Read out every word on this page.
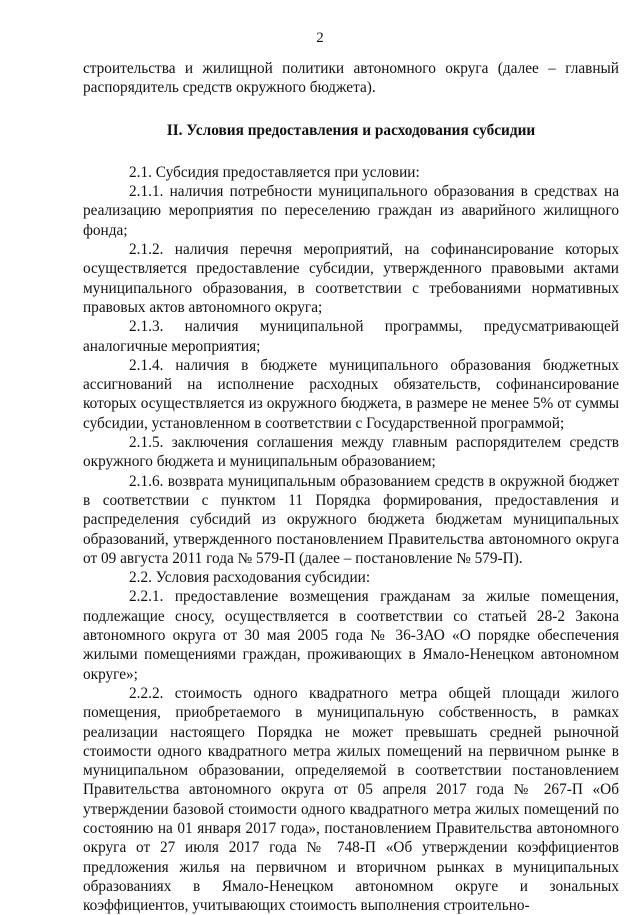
2

строительства и жилищной политики автономного округа (далее – главный распорядитель средств окружного бюджета).

II. Условия предоставления и расходования субсидии

2.1. Субсидия предоставляется при условии:

2.1.1. наличия потребности муниципального образования в средствах на реализацию мероприятия по переселению граждан из аварийного жилищного фонда;

2.1.2. наличия перечня мероприятий, на софинансирование которых осуществляется предоставление субсидии, утвержденного правовыми актами муниципального образования, в соответствии с требованиями нормативных правовых актов автономного округа;

2.1.3. наличия муниципальной программы, предусматривающей аналогичные мероприятия;

2.1.4. наличия в бюджете муниципального образования бюджетных ассигнований на исполнение расходных обязательств, софинансирование которых осуществляется из окружного бюджета, в размере не менее 5% от суммы субсидии, установленном в соответствии с Государственной программой;

2.1.5. заключения соглашения между главным распорядителем средств окружного бюджета и муниципальным образованием;

2.1.6. возврата муниципальным образованием средств в окружной бюджет в соответствии с пунктом 11 Порядка формирования, предоставления и распределения субсидий из окружного бюджета бюджетам муниципальных образований, утвержденного постановлением Правительства автономного округа от 09 августа 2011 года № 579-П (далее – постановление № 579-П).

2.2. Условия расходования субсидии:

2.2.1. предоставление возмещения гражданам за жилые помещения, подлежащие сносу, осуществляется в соответствии со статьей 28-2 Закона автономного округа от 30 мая 2005 года № 36-ЗАО «О порядке обеспечения жилыми помещениями граждан, проживающих в Ямало-Ненецком автономном округе»;

2.2.2. стоимость одного квадратного метра общей площади жилого помещения, приобретаемого в муниципальную собственность, в рамках реализации настоящего Порядка не может превышать средней рыночной стоимости одного квадратного метра жилых помещений на первичном рынке в муниципальном образовании, определяемой в соответствии постановлением Правительства автономного округа от 05 апреля 2017 года № 267-П «Об утверждении базовой стоимости одного квадратного метра жилых помещений по состоянию на 01 января 2017 года», постановлением Правительства автономного округа от 27 июля 2017 года № 748-П «Об утверждении коэффициентов предложения жилья на первичном и вторичном рынках в муниципальных образованиях в Ямало-Ненецком автономном округе и зональных коэффициентов, учитывающих стоимость выполнения строительно-
